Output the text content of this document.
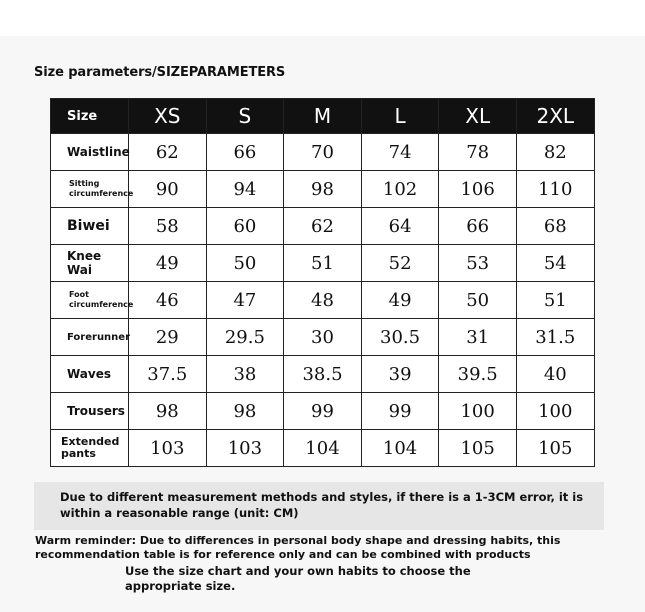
Size parameters/SIZEPARAMETERS
Size	XS	S	M	L	XL	2XL
Waistline	62	66	70	74	78	82
Sitting
circumference	90	94	98	102	106	110
Biwei	58	60	62	64	66	68
Knee Wai	49	50	51	52	53	54
Foot
circumference	46	47	48	49	50	51
Forerunner	29	29.5	30	30.5	31	31.5
Waves	37.5	38	38.5	39	39.5	40
Trousers	98	98	99	99	100	100
Extended
pants	103	103	104	104	105	105
Due to different measurement methods and styles, if there is a 1-3CM error, it is within a reasonable range (unit: CM)
Warm reminder: Due to differences in personal body shape and dressing habits, this recommendation table is for reference only and can be combined with products
Use the size chart and your own habits to choose the appropriate size.
